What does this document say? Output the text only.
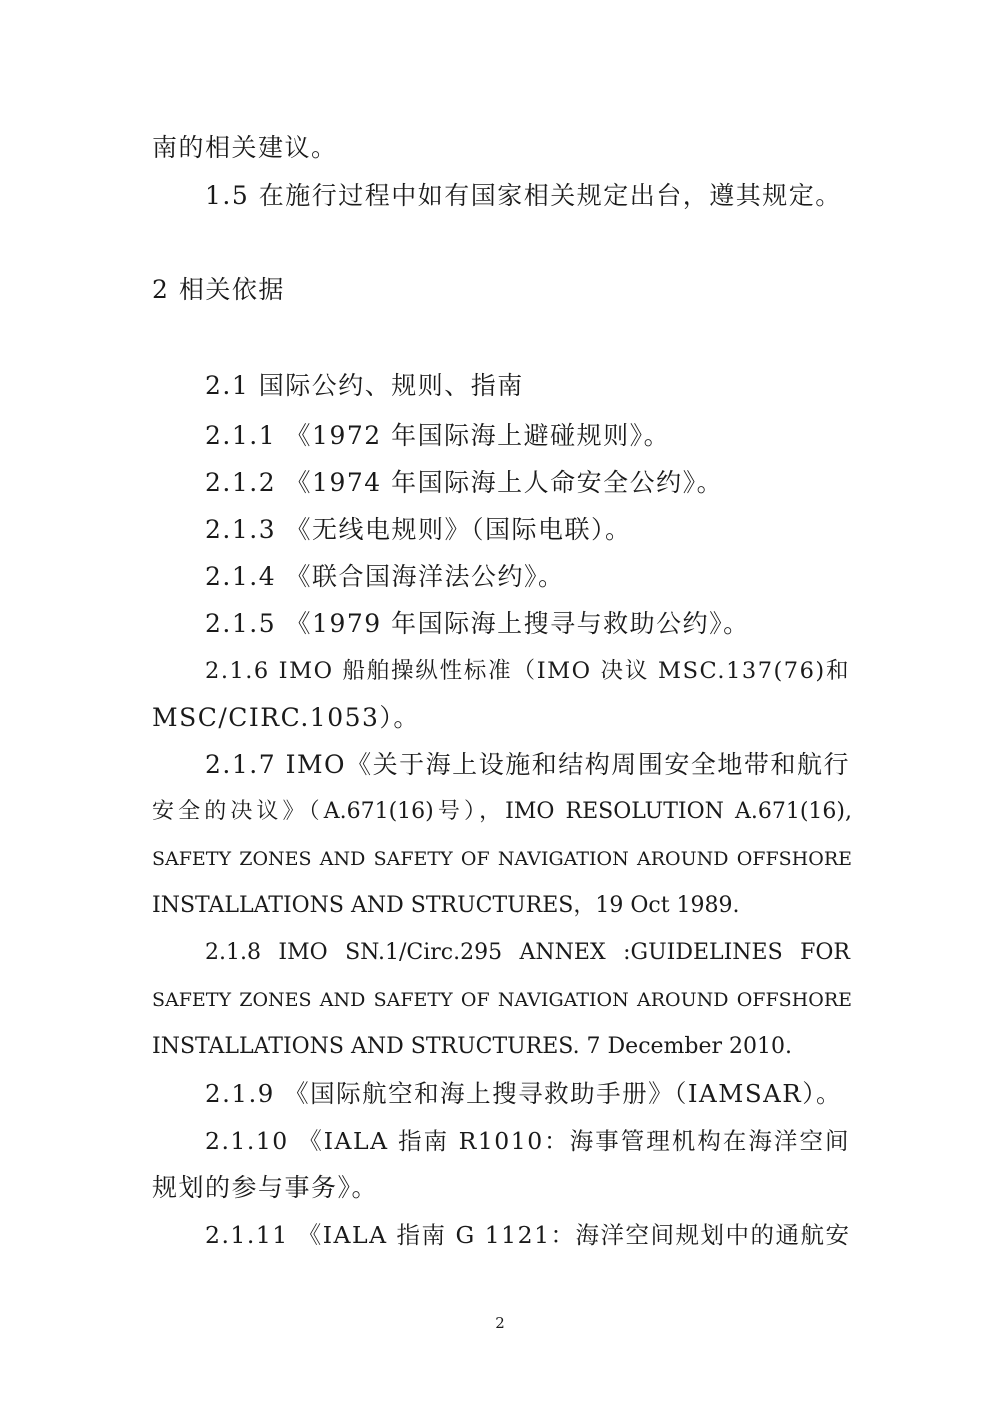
南的相关建议。
1.5 在施行过程中如有国家相关规定出台，遵其规定。
2 相关依据
2.1 国际公约、规则、指南
2.1.1 《1972 年国际海上避碰规则》。
2.1.2 《1974 年国际海上人命安全公约》。
2.1.3 《无线电规则》（国际电联）。
2.1.4 《联合国海洋法公约》。
2.1.5 《1979 年国际海上搜寻与救助公约》。
2.1.6 IMO 船舶操纵性标准（IMO 决议 MSC.137(76)和
MSC/CIRC.1053）。
2.1.7 IMO《关于海上设施和结构周围安全地带和航行
安全的决议》（A.671(16)号），IMO RESOLUTION A.671(16),
SAFETY ZONES AND SAFETY OF NAVIGATION AROUND OFFSHORE
INSTALLATIONS AND STRUCTURES，19 Oct 1989.
2.1.8 IMO SN.1/Circ.295 ANNEX :GUIDELINES FOR
SAFETY ZONES AND SAFETY OF NAVIGATION AROUND OFFSHORE
INSTALLATIONS AND STRUCTURES. 7 December 2010.
2.1.9 《国际航空和海上搜寻救助手册》（IAMSAR）。
2.1.10 《IALA 指南 R1010：海事管理机构在海洋空间
规划的参与事务》。
2.1.11 《IALA 指南 G 1121：海洋空间规划中的通航安
2
